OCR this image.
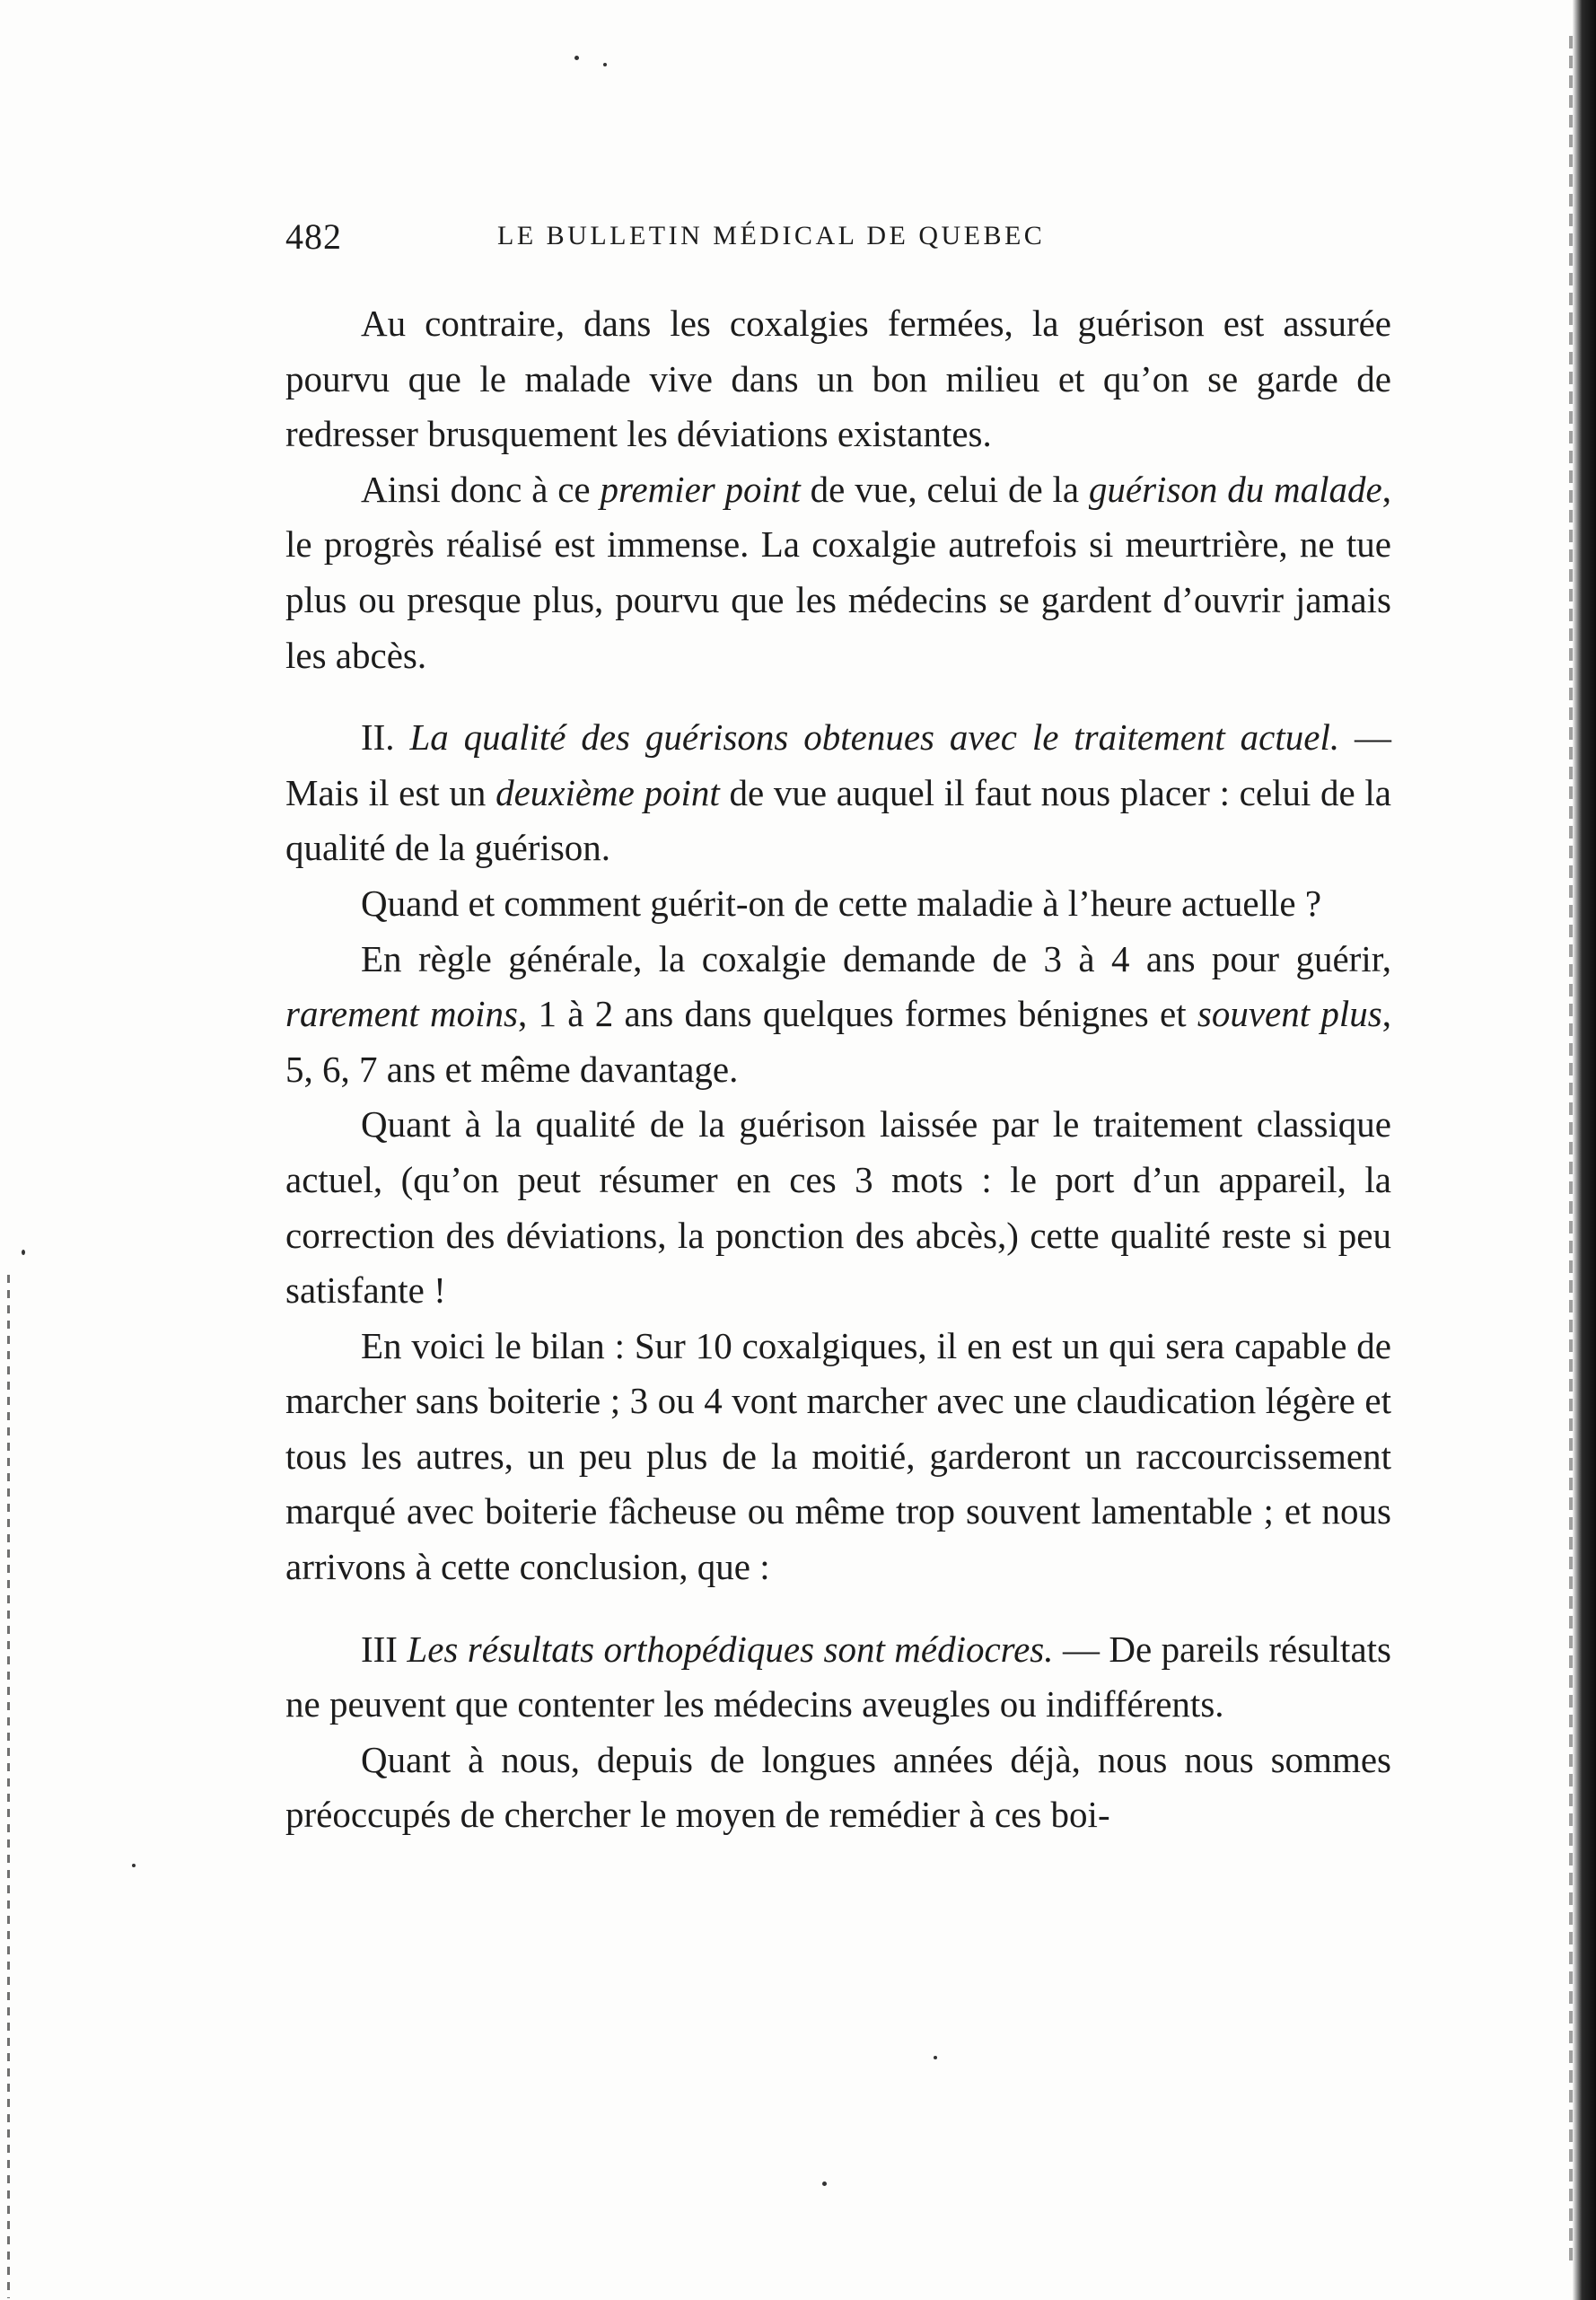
482	LE BULLETIN MÉDICAL DE QUEBEC

Au contraire, dans les coxalgies fermées, la guérison est assurée pourvu que le malade vive dans un bon milieu et qu’on se garde de redresser brusquement les déviations existantes.

Ainsi donc à ce premier point de vue, celui de la guérison du malade, le progrès réalisé est immense. La coxalgie autrefois si meurtrière, ne tue plus ou presque plus, pourvu que les médecins se gardent d’ouvrir jamais les abcès.

II. La qualité des guérisons obtenues avec le traitement actuel. — Mais il est un deuxième point de vue auquel il faut nous placer : celui de la qualité de la guérison.

Quand et comment guérit-on de cette maladie à l’heure actuelle ?

En règle générale, la coxalgie demande de 3 à 4 ans pour guérir, rarement moins, 1 à 2 ans dans quelques formes bénignes et souvent plus, 5, 6, 7 ans et même davantage.

Quant à la qualité de la guérison laissée par le traitement classique actuel, (qu’on peut résumer en ces 3 mots : le port d’un appareil, la correction des déviations, la ponction des abcès,) cette qualité reste si peu satisfante !

En voici le bilan : Sur 10 coxalgiques, il en est un qui sera capable de marcher sans boiterie ; 3 ou 4 vont marcher avec une claudication légère et tous les autres, un peu plus de la moitié, garderont un raccourcissement marqué avec boiterie fâcheuse ou même trop souvent lamentable ; et nous arrivons à cette conclusion, que :

III Les résultats orthopédiques sont médiocres. — De pareils résultats ne peuvent que contenter les médecins aveugles ou indifférents.

Quant à nous, depuis de longues années déjà, nous nous sommes préoccupés de chercher le moyen de remédier à ces boi-
